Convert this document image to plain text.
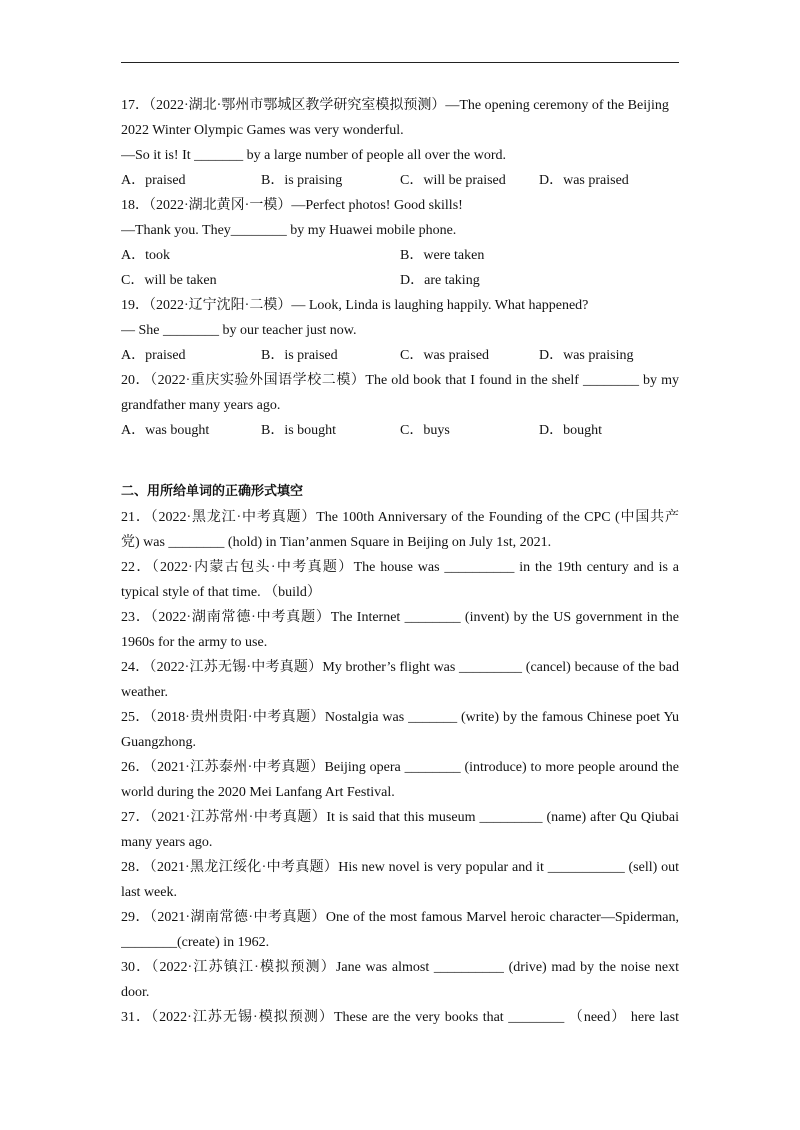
17．（2022·湖北·鄂州市鄂城区教学研究室模拟预测）—The opening ceremony of the Beijing
2022 Winter Olympic Games was very wonderful.
—So it is! It _______ by a large number of people all over the word.
A．praised	B．is praising	C．will be praised D．was praised
18．（2022·湖北黄冈·一模）—Perfect photos! Good skills!
—Thank you. They________ by my Huawei mobile phone.
A．took	B．were taken
C．will be taken	D．are taking
19．（2022·辽宁沈阳·二模）— Look, Linda is laughing happily. What happened?
— She ________ by our teacher just now.
A．praised	B．is praised	C．was praised	D．was praising
20．（2022·重庆实验外国语学校二模）The old book that I found in the shelf ________ by my
grandfather many years ago.
A．was bought	B．is bought	C．buys	D．bought
二、用所给单词的正确形式填空
21．（2022·黑龙江·中考真题）The 100th Anniversary of the Founding of the CPC (中国共产
党) was ________ (hold) in Tian’anmen Square in Beijing on July 1st, 2021.
22．（2022·内蒙古包头·中考真题）The house was __________ in the 19th century and is a
typical style of that time. （build）
23．（2022·湖南常德·中考真题）The Internet ________ (invent) by the US government in the
1960s for the army to use.
24．（2022·江苏无锡·中考真题）My brother’s flight was _________ (cancel) because of the bad
weather.
25．（2018·贵州贵阳·中考真题）Nostalgia was _______ (write) by the famous Chinese poet Yu
Guangzhong.
26．（2021·江苏泰州·中考真题）Beijing opera ________ (introduce) to more people around the
world during the 2020 Mei Lanfang Art Festival.
27．（2021·江苏常州·中考真题）It is said that this museum _________ (name) after Qu Qiubai
many years ago.
28．（2021·黑龙江绥化·中考真题）His new novel is very popular and it ___________ (sell) out
last week.
29．（2021·湖南常德·中考真题）One of the most famous Marvel heroic character—Spiderman,
________(create) in 1962.
30．（2022·江苏镇江·模拟预测）Jane was almost __________ (drive) mad by the noise next
door.
31．（2022·江苏无锡·模拟预测）These are the very books that ________ （need） here last
